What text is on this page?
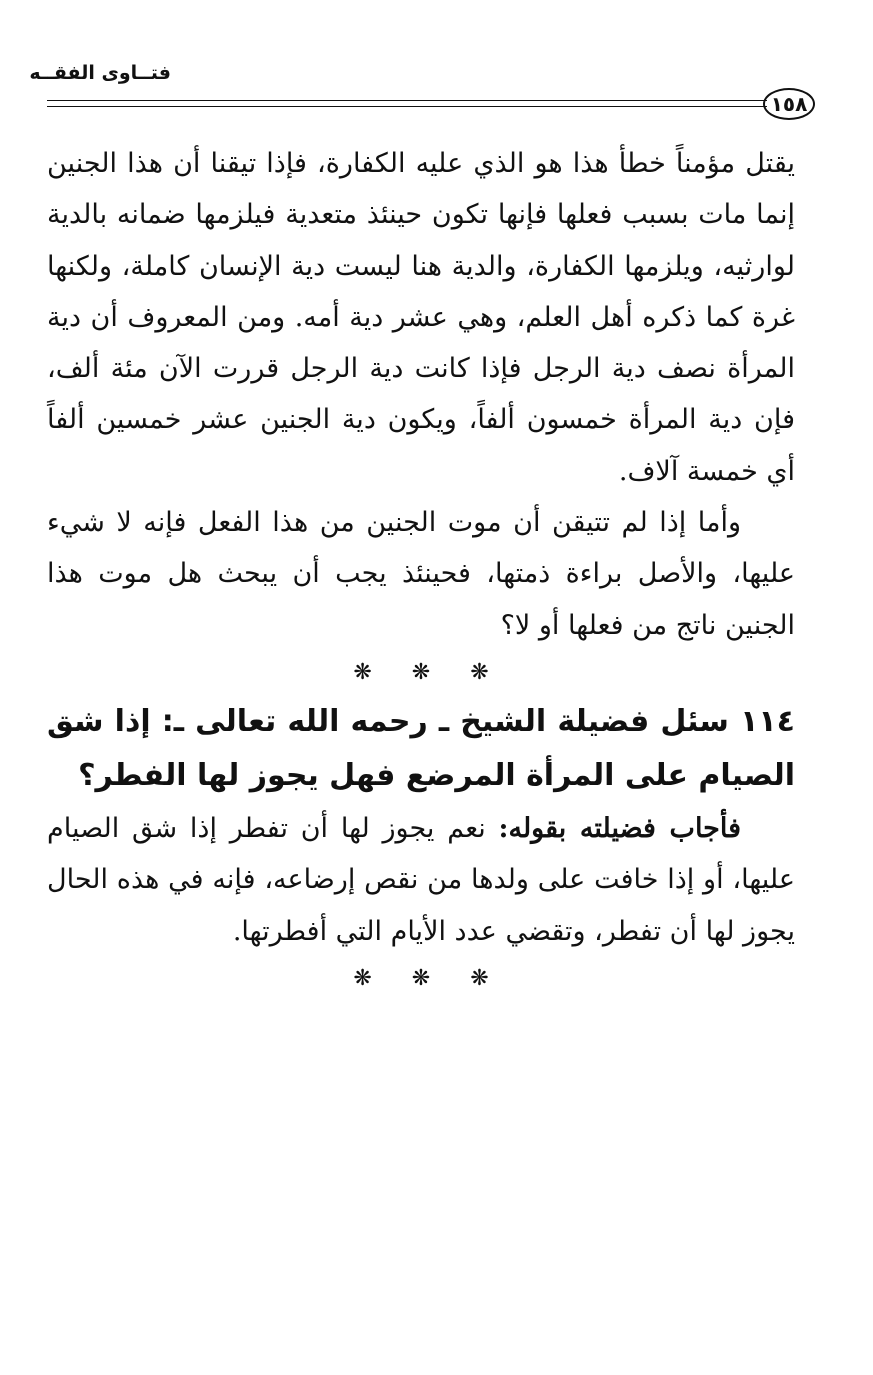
فتــاوى الفقــه
١٥٨

يقتل مؤمناً خطأ هذا هو الذي عليه الكفارة، فإذا تيقنا أن هذا الجنين إنما مات بسبب فعلها فإنها تكون حينئذ متعدية فيلزمها ضمانه بالدية لوارثيه، ويلزمها الكفارة، والدية هنا ليست دية الإنسان كاملة، ولكنها غرة كما ذكره أهل العلم، وهي عشر دية أمه. ومن المعروف أن دية المرأة نصف دية الرجل فإذا كانت دية الرجل قررت الآن مئة ألف، فإن دية المرأة خمسون ألفاً، ويكون دية الجنين عشر خمسين ألفاً أي خمسة آلاف.

وأما إذا لم تتيقن أن موت الجنين من هذا الفعل فإنه لا شيء عليها، والأصل براءة ذمتها، فحينئذ يجب أن يبحث هل موت هذا الجنين ناتج من فعلها أو لا؟

❋
❋
❋

١١٤ سئل فضيلة الشيخ ـ رحمه الله تعالى ـ: إذا شق الصيام على المرأة المرضع فهل يجوز لها الفطر؟

فأجاب فضيلته بقوله: نعم يجوز لها أن تفطر إذا شق الصيام عليها، أو إذا خافت على ولدها من نقص إرضاعه، فإنه في هذه الحال يجوز لها أن تفطر، وتقضي عدد الأيام التي أفطرتها.

❋
❋
❋
